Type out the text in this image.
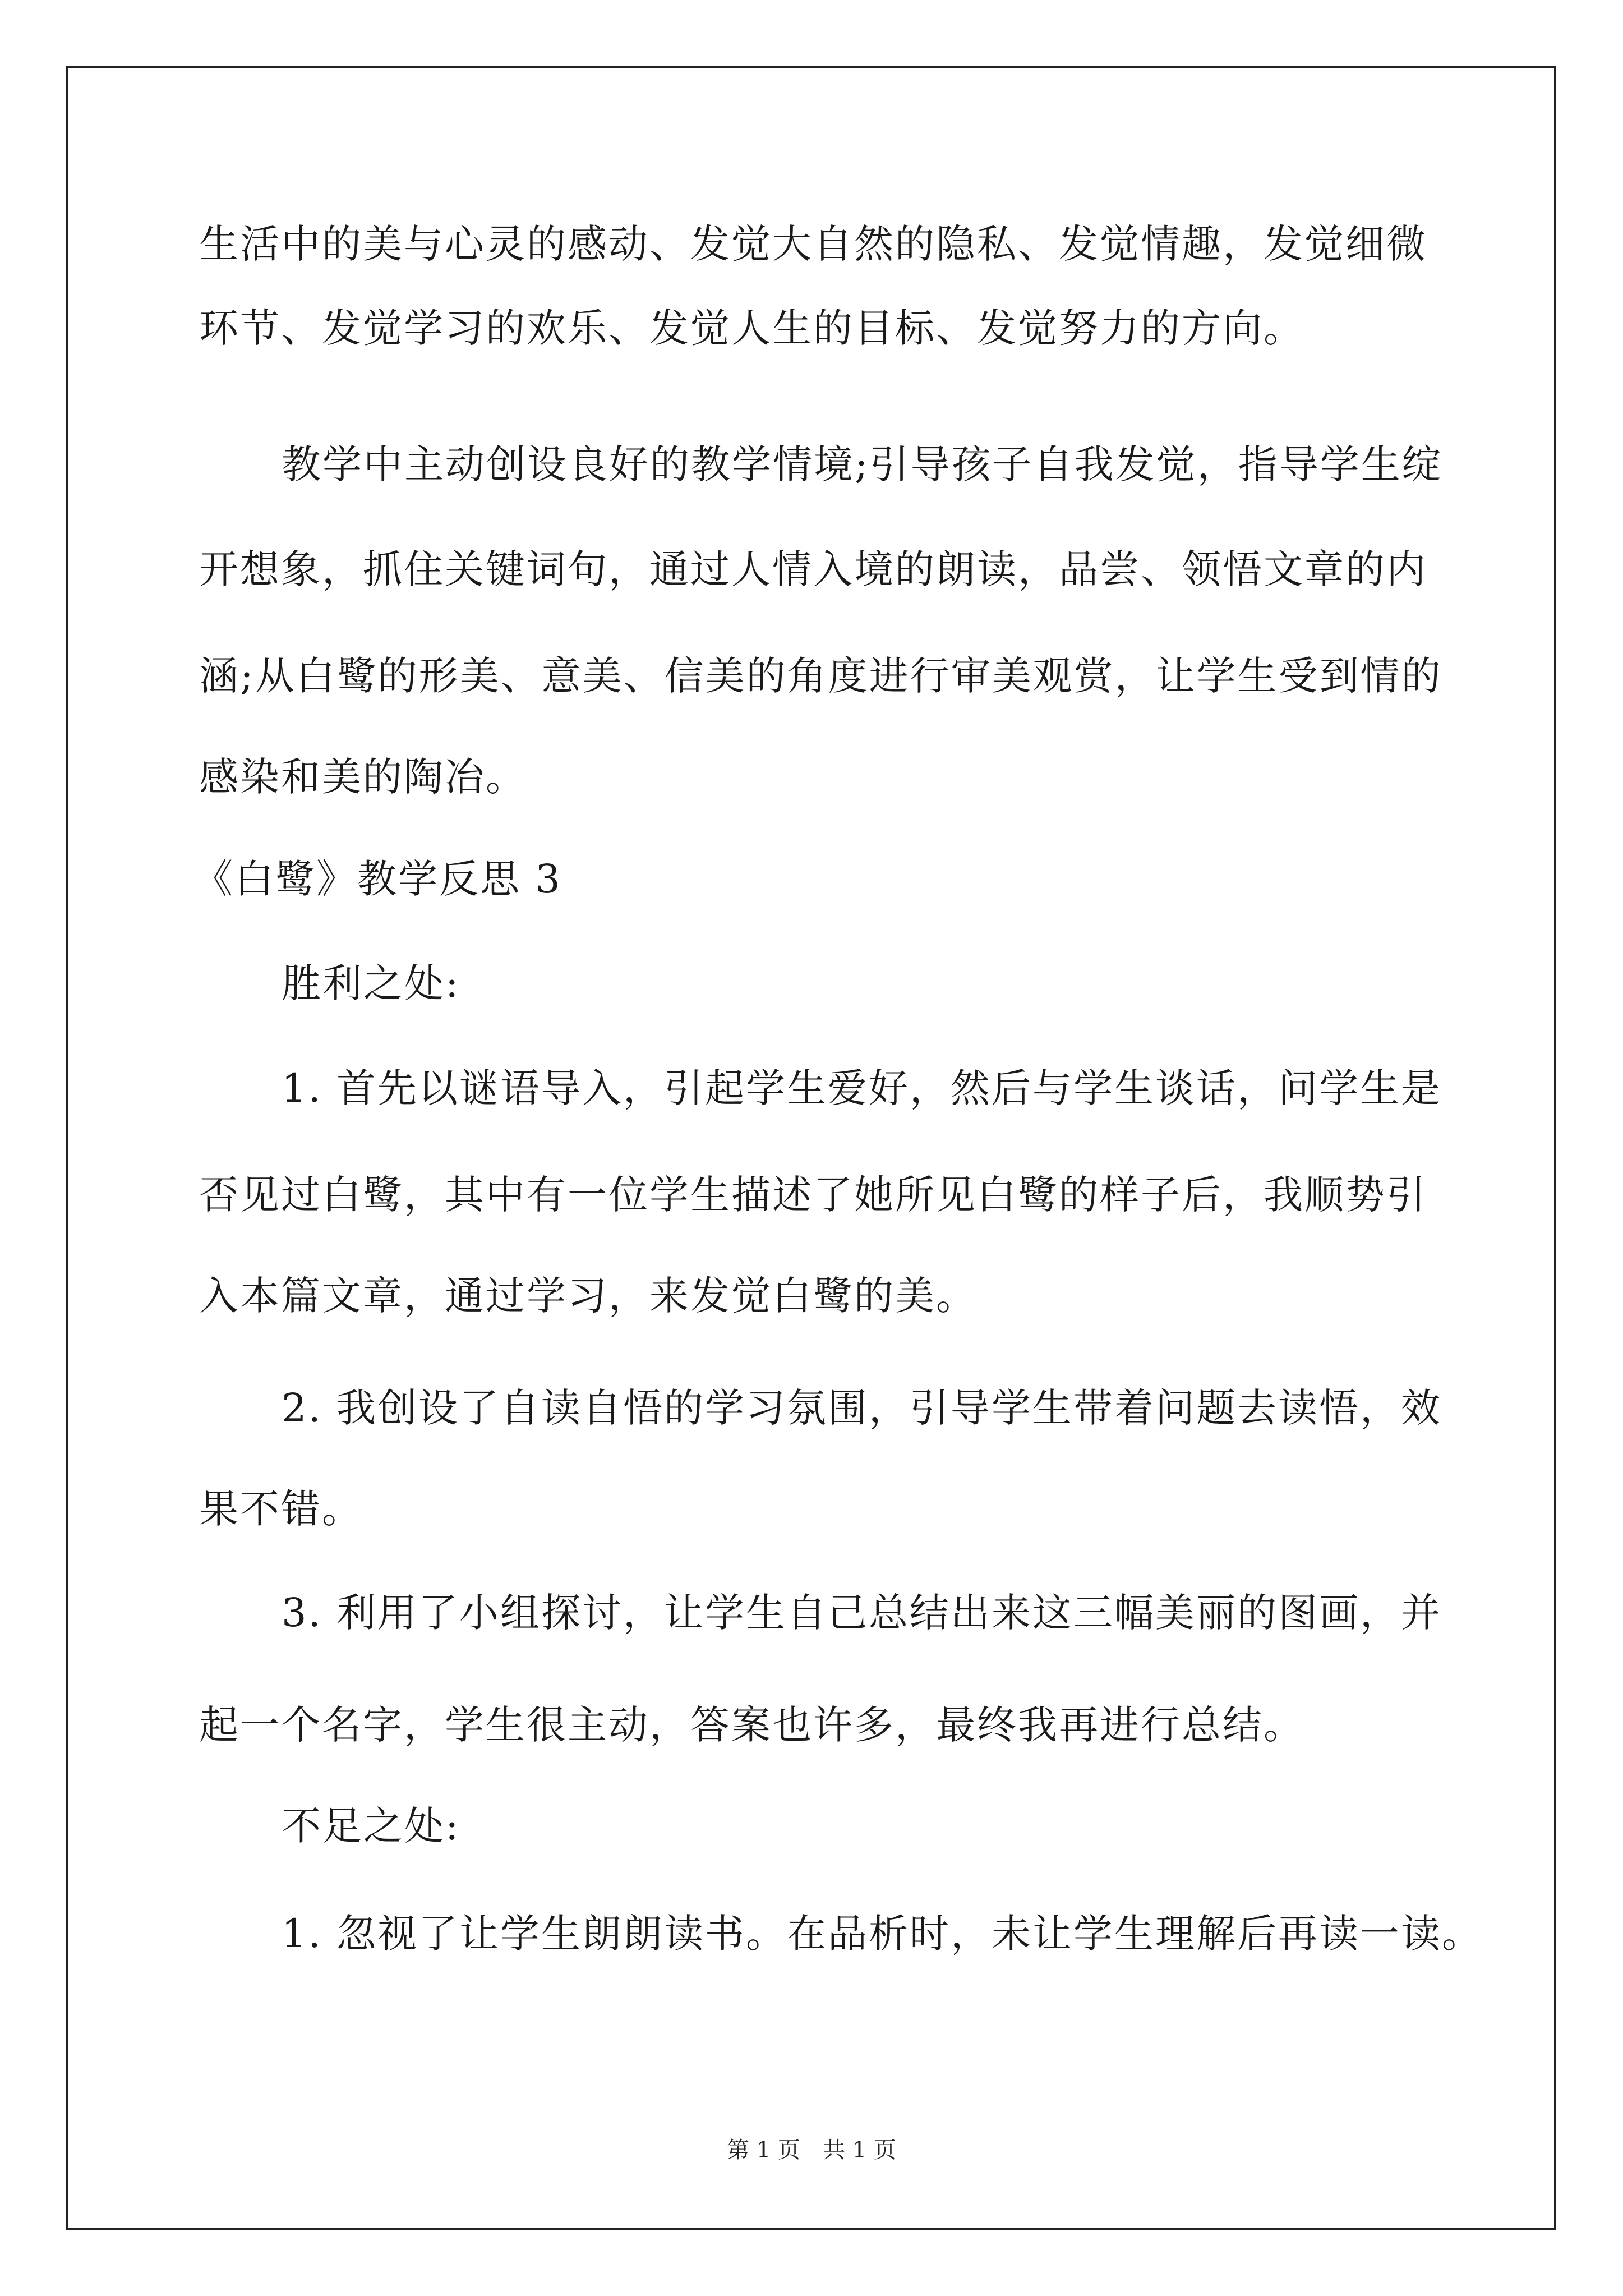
生活中的美与心灵的感动、发觉大自然的隐私、发觉情趣，发觉细微
环节、发觉学习的欢乐、发觉人生的目标、发觉努力的方向。
教学中主动创设良好的教学情境;引导孩子自我发觉，指导学生绽
开想象，抓住关键词句，通过人情入境的朗读，品尝、领悟文章的内
涵;从白鹭的形美、意美、信美的角度进行审美观赏，让学生受到情的
感染和美的陶冶。
《白鹭》教学反思 3
胜利之处:
1. 首先以谜语导入，引起学生爱好，然后与学生谈话，问学生是
否见过白鹭，其中有一位学生描述了她所见白鹭的样子后，我顺势引
入本篇文章，通过学习，来发觉白鹭的美。
2. 我创设了自读自悟的学习氛围，引导学生带着问题去读悟，效
果不错。
3. 利用了小组探讨，让学生自己总结出来这三幅美丽的图画，并
起一个名字，学生很主动，答案也许多，最终我再进行总结。
不足之处:
1. 忽视了让学生朗朗读书。在品析时，未让学生理解后再读一读。
第 1 页　共 1 页
